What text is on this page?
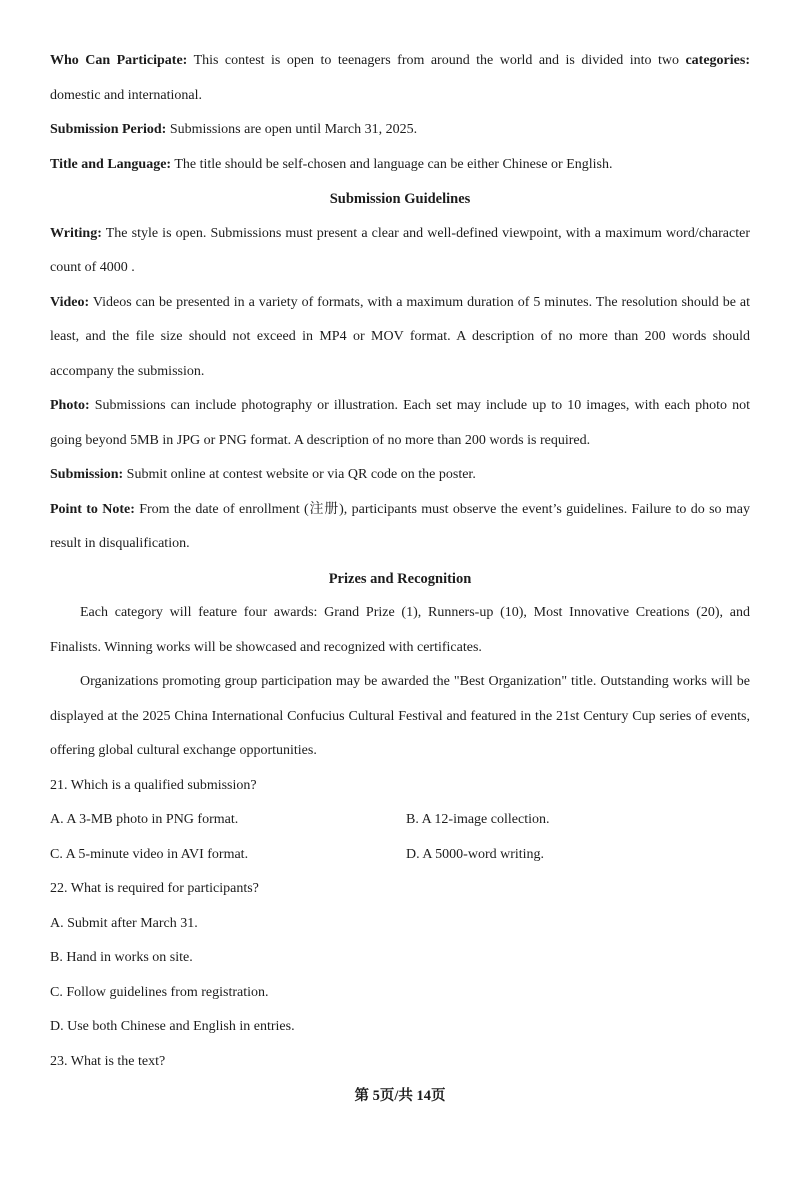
Who Can Participate: This contest is open to teenagers from around the world and is divided into two categories: domestic and international.

Submission Period: Submissions are open until March 31, 2025.

Title and Language: The title should be self-chosen and language can be either Chinese or English.

Submission Guidelines

Writing: The style is open. Submissions must present a clear and well-defined viewpoint, with a maximum word/character count of 4000 .

Video: Videos can be presented in a variety of formats, with a maximum duration of 5 minutes. The resolution should be at least, and the file size should not exceed in MP4 or MOV format. A description of no more than 200 words should accompany the submission.

Photo: Submissions can include photography or illustration. Each set may include up to 10 images, with each photo not going beyond 5MB in JPG or PNG format. A description of no more than 200 words is required.

Submission: Submit online at contest website or via QR code on the poster.

Point to Note: From the date of enrollment (注册), participants must observe the event’s guidelines. Failure to do so may result in disqualification.

Prizes and Recognition

Each category will feature four awards: Grand Prize (1), Runners-up (10), Most Innovative Creations (20), and Finalists. Winning works will be showcased and recognized with certificates.

Organizations promoting group participation may be awarded the "Best Organization" title. Outstanding works will be displayed at the 2025 China International Confucius Cultural Festival and featured in the 21st Century Cup series of events, offering global cultural exchange opportunities.

21. Which is a qualified submission?

A. A 3-MB photo in PNG format.	B. A 12-image collection.
C. A 5-minute video in AVI format.	D. A 5000-word writing.

22. What is required for participants?

A. Submit after March 31.

B. Hand in works on site.

C. Follow guidelines from registration.

D. Use both Chinese and English in entries.

23. What is the text?

第 5页/共 14页
